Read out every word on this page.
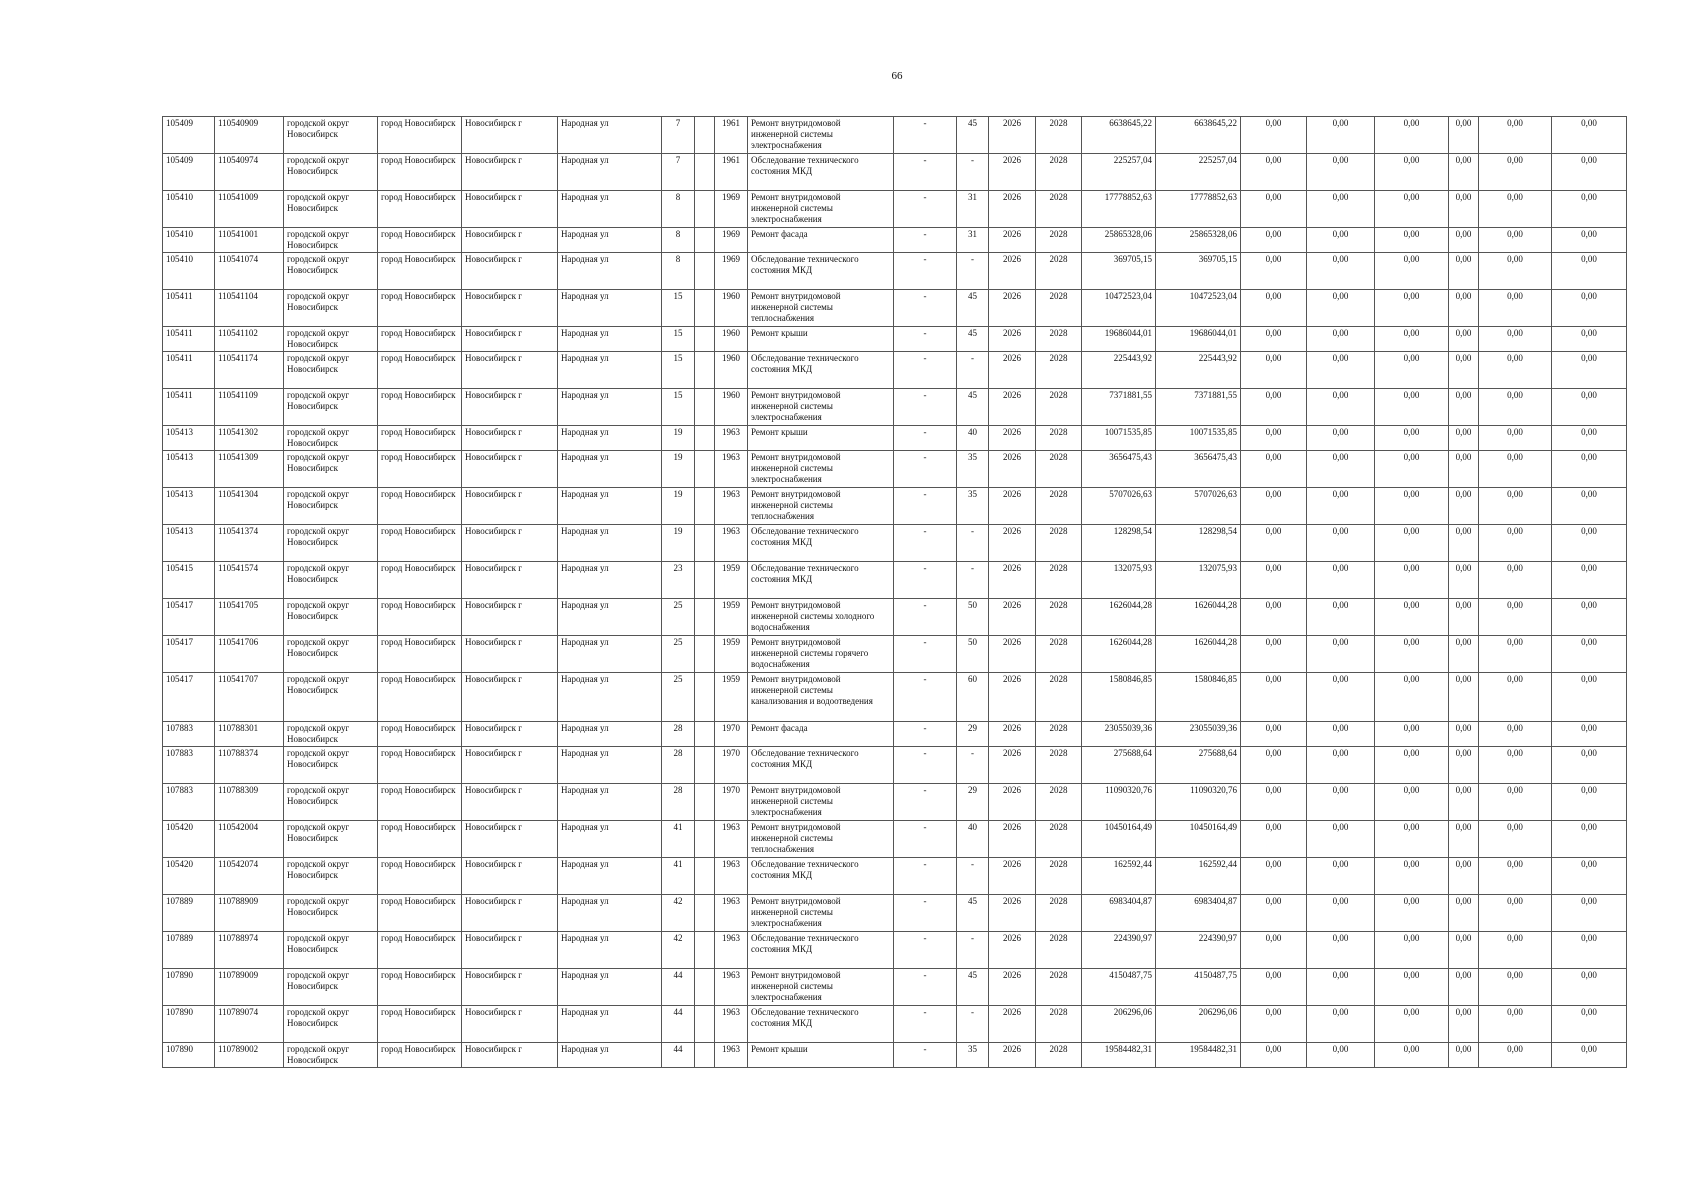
66
105409	110540909	городской округ Новосибирск	город Новосибирск	Новосибирск г	Народная ул	7		1961	Ремонт внутридомовой инженерной системы электроснабжения	-	45	2026	2028	6638645,22	6638645,22	0,00	0,00	0,00	0,00	0,00	0,00
105409	110540974	городской округ Новосибирск	город Новосибирск	Новосибирск г	Народная ул	7		1961	Обследование технического состояния МКД	-	-	2026	2028	225257,04	225257,04	0,00	0,00	0,00	0,00	0,00	0,00
105410	110541009	городской округ Новосибирск	город Новосибирск	Новосибирск г	Народная ул	8		1969	Ремонт внутридомовой инженерной системы электроснабжения	-	31	2026	2028	17778852,63	17778852,63	0,00	0,00	0,00	0,00	0,00	0,00
105410	110541001	городской округ Новосибирск	город Новосибирск	Новосибирск г	Народная ул	8		1969	Ремонт фасада	-	31	2026	2028	25865328,06	25865328,06	0,00	0,00	0,00	0,00	0,00	0,00
105410	110541074	городской округ Новосибирск	город Новосибирск	Новосибирск г	Народная ул	8		1969	Обследование технического состояния МКД	-	-	2026	2028	369705,15	369705,15	0,00	0,00	0,00	0,00	0,00	0,00
105411	110541104	городской округ Новосибирск	город Новосибирск	Новосибирск г	Народная ул	15		1960	Ремонт внутридомовой инженерной системы теплоснабжения	-	45	2026	2028	10472523,04	10472523,04	0,00	0,00	0,00	0,00	0,00	0,00
105411	110541102	городской округ Новосибирск	город Новосибирск	Новосибирск г	Народная ул	15		1960	Ремонт крыши	-	45	2026	2028	19686044,01	19686044,01	0,00	0,00	0,00	0,00	0,00	0,00
105411	110541174	городской округ Новосибирск	город Новосибирск	Новосибирск г	Народная ул	15		1960	Обследование технического состояния МКД	-	-	2026	2028	225443,92	225443,92	0,00	0,00	0,00	0,00	0,00	0,00
105411	110541109	городской округ Новосибирск	город Новосибирск	Новосибирск г	Народная ул	15		1960	Ремонт внутридомовой инженерной системы электроснабжения	-	45	2026	2028	7371881,55	7371881,55	0,00	0,00	0,00	0,00	0,00	0,00
105413	110541302	городской округ Новосибирск	город Новосибирск	Новосибирск г	Народная ул	19		1963	Ремонт крыши	-	40	2026	2028	10071535,85	10071535,85	0,00	0,00	0,00	0,00	0,00	0,00
105413	110541309	городской округ Новосибирск	город Новосибирск	Новосибирск г	Народная ул	19		1963	Ремонт внутридомовой инженерной системы электроснабжения	-	35	2026	2028	3656475,43	3656475,43	0,00	0,00	0,00	0,00	0,00	0,00
105413	110541304	городской округ Новосибирск	город Новосибирск	Новосибирск г	Народная ул	19		1963	Ремонт внутридомовой инженерной системы теплоснабжения	-	35	2026	2028	5707026,63	5707026,63	0,00	0,00	0,00	0,00	0,00	0,00
105413	110541374	городской округ Новосибирск	город Новосибирск	Новосибирск г	Народная ул	19		1963	Обследование технического состояния МКД	-	-	2026	2028	128298,54	128298,54	0,00	0,00	0,00	0,00	0,00	0,00
105415	110541574	городской округ Новосибирск	город Новосибирск	Новосибирск г	Народная ул	23		1959	Обследование технического состояния МКД	-	-	2026	2028	132075,93	132075,93	0,00	0,00	0,00	0,00	0,00	0,00
105417	110541705	городской округ Новосибирск	город Новосибирск	Новосибирск г	Народная ул	25		1959	Ремонт внутридомовой инженерной системы холодного водоснабжения	-	50	2026	2028	1626044,28	1626044,28	0,00	0,00	0,00	0,00	0,00	0,00
105417	110541706	городской округ Новосибирск	город Новосибирск	Новосибирск г	Народная ул	25		1959	Ремонт внутридомовой инженерной системы горячего водоснабжения	-	50	2026	2028	1626044,28	1626044,28	0,00	0,00	0,00	0,00	0,00	0,00
105417	110541707	городской округ Новосибирск	город Новосибирск	Новосибирск г	Народная ул	25		1959	Ремонт внутридомовой инженерной системы канализования и водоотведения	-	60	2026	2028	1580846,85	1580846,85	0,00	0,00	0,00	0,00	0,00	0,00
107883	110788301	городской округ Новосибирск	город Новосибирск	Новосибирск г	Народная ул	28		1970	Ремонт фасада	-	29	2026	2028	23055039,36	23055039,36	0,00	0,00	0,00	0,00	0,00	0,00
107883	110788374	городской округ Новосибирск	город Новосибирск	Новосибирск г	Народная ул	28		1970	Обследование технического состояния МКД	-	-	2026	2028	275688,64	275688,64	0,00	0,00	0,00	0,00	0,00	0,00
107883	110788309	городской округ Новосибирск	город Новосибирск	Новосибирск г	Народная ул	28		1970	Ремонт внутридомовой инженерной системы электроснабжения	-	29	2026	2028	11090320,76	11090320,76	0,00	0,00	0,00	0,00	0,00	0,00
105420	110542004	городской округ Новосибирск	город Новосибирск	Новосибирск г	Народная ул	41		1963	Ремонт внутридомовой инженерной системы теплоснабжения	-	40	2026	2028	10450164,49	10450164,49	0,00	0,00	0,00	0,00	0,00	0,00
105420	110542074	городской округ Новосибирск	город Новосибирск	Новосибирск г	Народная ул	41		1963	Обследование технического состояния МКД	-	-	2026	2028	162592,44	162592,44	0,00	0,00	0,00	0,00	0,00	0,00
107889	110788909	городской округ Новосибирск	город Новосибирск	Новосибирск г	Народная ул	42		1963	Ремонт внутридомовой инженерной системы электроснабжения	-	45	2026	2028	6983404,87	6983404,87	0,00	0,00	0,00	0,00	0,00	0,00
107889	110788974	городской округ Новосибирск	город Новосибирск	Новосибирск г	Народная ул	42		1963	Обследование технического состояния МКД	-	-	2026	2028	224390,97	224390,97	0,00	0,00	0,00	0,00	0,00	0,00
107890	110789009	городской округ Новосибирск	город Новосибирск	Новосибирск г	Народная ул	44		1963	Ремонт внутридомовой инженерной системы электроснабжения	-	45	2026	2028	4150487,75	4150487,75	0,00	0,00	0,00	0,00	0,00	0,00
107890	110789074	городской округ Новосибирск	город Новосибирск	Новосибирск г	Народная ул	44		1963	Обследование технического состояния МКД	-	-	2026	2028	206296,06	206296,06	0,00	0,00	0,00	0,00	0,00	0,00
107890	110789002	городской округ Новосибирск	город Новосибирск	Новосибирск г	Народная ул	44		1963	Ремонт крыши	-	35	2026	2028	19584482,31	19584482,31	0,00	0,00	0,00	0,00	0,00	0,00
